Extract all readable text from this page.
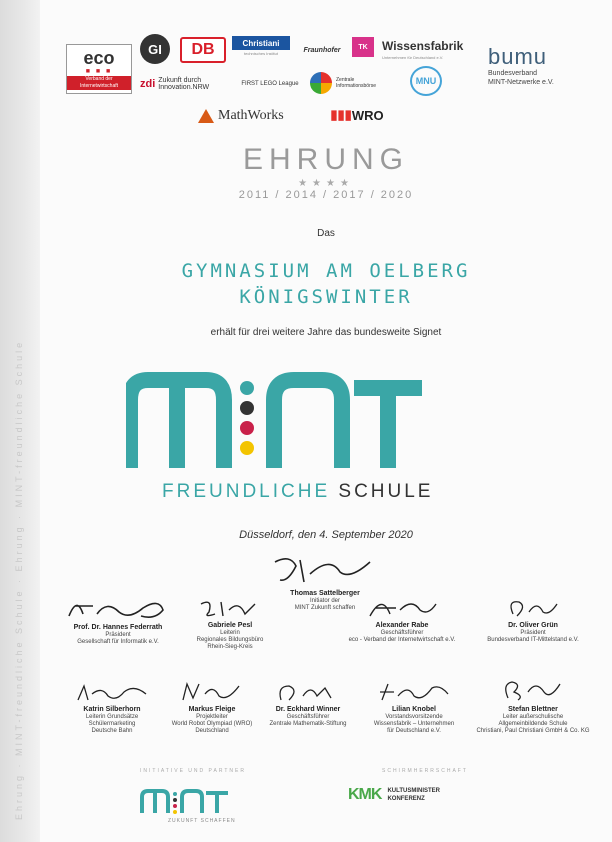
Ehrung · MINT-freundliche Schule · Ehrung · MINT-freundliche Schule
eco
■ ■ ■
Verband der Internetwirtschaft
GI	DB	Christiani
technisches Institut	Fraunhofer	TK	Wissensfabrik
Unternehmen für Deutschland e.V.	bumu
Bundesverband
MINT-Netzwerke e.V.
zdi Zukunft durch Innovation.NRW	FIRST LEGO League
Zentrale Informationsbörse	MNU
MathWorks	▮▮▮ WRO
EHRUNG
★★★★
2011 / 2014 / 2017 / 2020
Das
GYMNASIUM AM OELBERG
KÖNIGSWINTER
erhält für drei weitere Jahre das bundesweite Signet
FREUNDLICHE SCHULE
Düsseldorf, den 4. September 2020
Thomas Sattelberger
Initiator der
MINT Zukunft schaffen
Prof. Dr. Hannes Federrath
Präsident
Gesellschaft für Informatik e.V.
Gabriele Pesl
Leiterin
Regionales Bildungsbüro
Rhein-Sieg-Kreis
Alexander Rabe
Geschäftsführer
eco - Verband der Internetwirtschaft e.V.
Dr. Oliver Grün
Präsident
Bundesverband IT-Mittelstand e.V.
Katrin Silberhorn
Leiterin Grundsätze
Schülermarketing
Deutsche Bahn
Markus Fleige
Projektleiter
World Robot Olympiad (WRO)
Deutschland
Dr. Eckhard Winner
Geschäftsführer
Zentrale Mathematik-Stiftung
Lilian Knobel
Vorstandsvorsitzende
Wissensfabrik – Unternehmen
für Deutschland e.V.
Stefan Blettner
Leiter außerschulische
Allgemeinbildende Schule
Christiani, Paul Christiani GmbH & Co. KG
INITIATIVE UND PARTNER
ZUKUNFT SCHAFFEN
SCHIRMHERRSCHAFT
KMK KULTUSMINISTER
KONFERENZ
